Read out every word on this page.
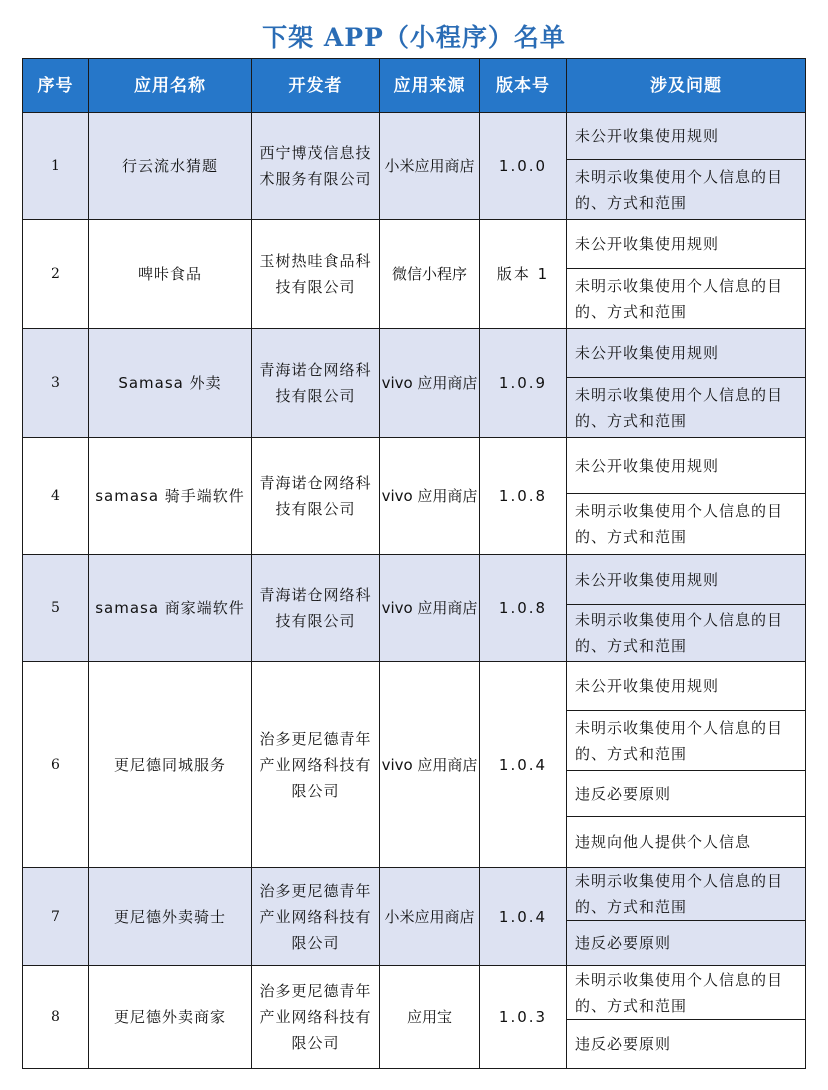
下架 APP（小程序）名单
序号	应用名称	开发者	应用来源	版本号	涉及问题
1	行云流水猜题	西宁博茂信息技术服务有限公司	小米应用商店	1.0.0	未公开收集使用规则
					未明示收集使用个人信息的目的、方式和范围
2	啤咔食品	玉树热哇食品科技有限公司	微信小程序	版本 1	未公开收集使用规则
					未明示收集使用个人信息的目的、方式和范围
3	Samasa 外卖	青海诺仓网络科技有限公司	vivo 应用商店	1.0.9	未公开收集使用规则
					未明示收集使用个人信息的目的、方式和范围
4	samasa 骑手端软件	青海诺仓网络科技有限公司	vivo 应用商店	1.0.8	未公开收集使用规则
					未明示收集使用个人信息的目的、方式和范围
5	samasa 商家端软件	青海诺仓网络科技有限公司	vivo 应用商店	1.0.8	未公开收集使用规则
					未明示收集使用个人信息的目的、方式和范围
6	更尼德同城服务	治多更尼德青年产业网络科技有限公司	vivo 应用商店	1.0.4	未公开收集使用规则
					未明示收集使用个人信息的目的、方式和范围
					违反必要原则
					违规向他人提供个人信息
7	更尼德外卖骑士	治多更尼德青年产业网络科技有限公司	小米应用商店	1.0.4	未明示收集使用个人信息的目的、方式和范围
					违反必要原则
8	更尼德外卖商家	治多更尼德青年产业网络科技有限公司	应用宝	1.0.3	未明示收集使用个人信息的目的、方式和范围
					违反必要原则
